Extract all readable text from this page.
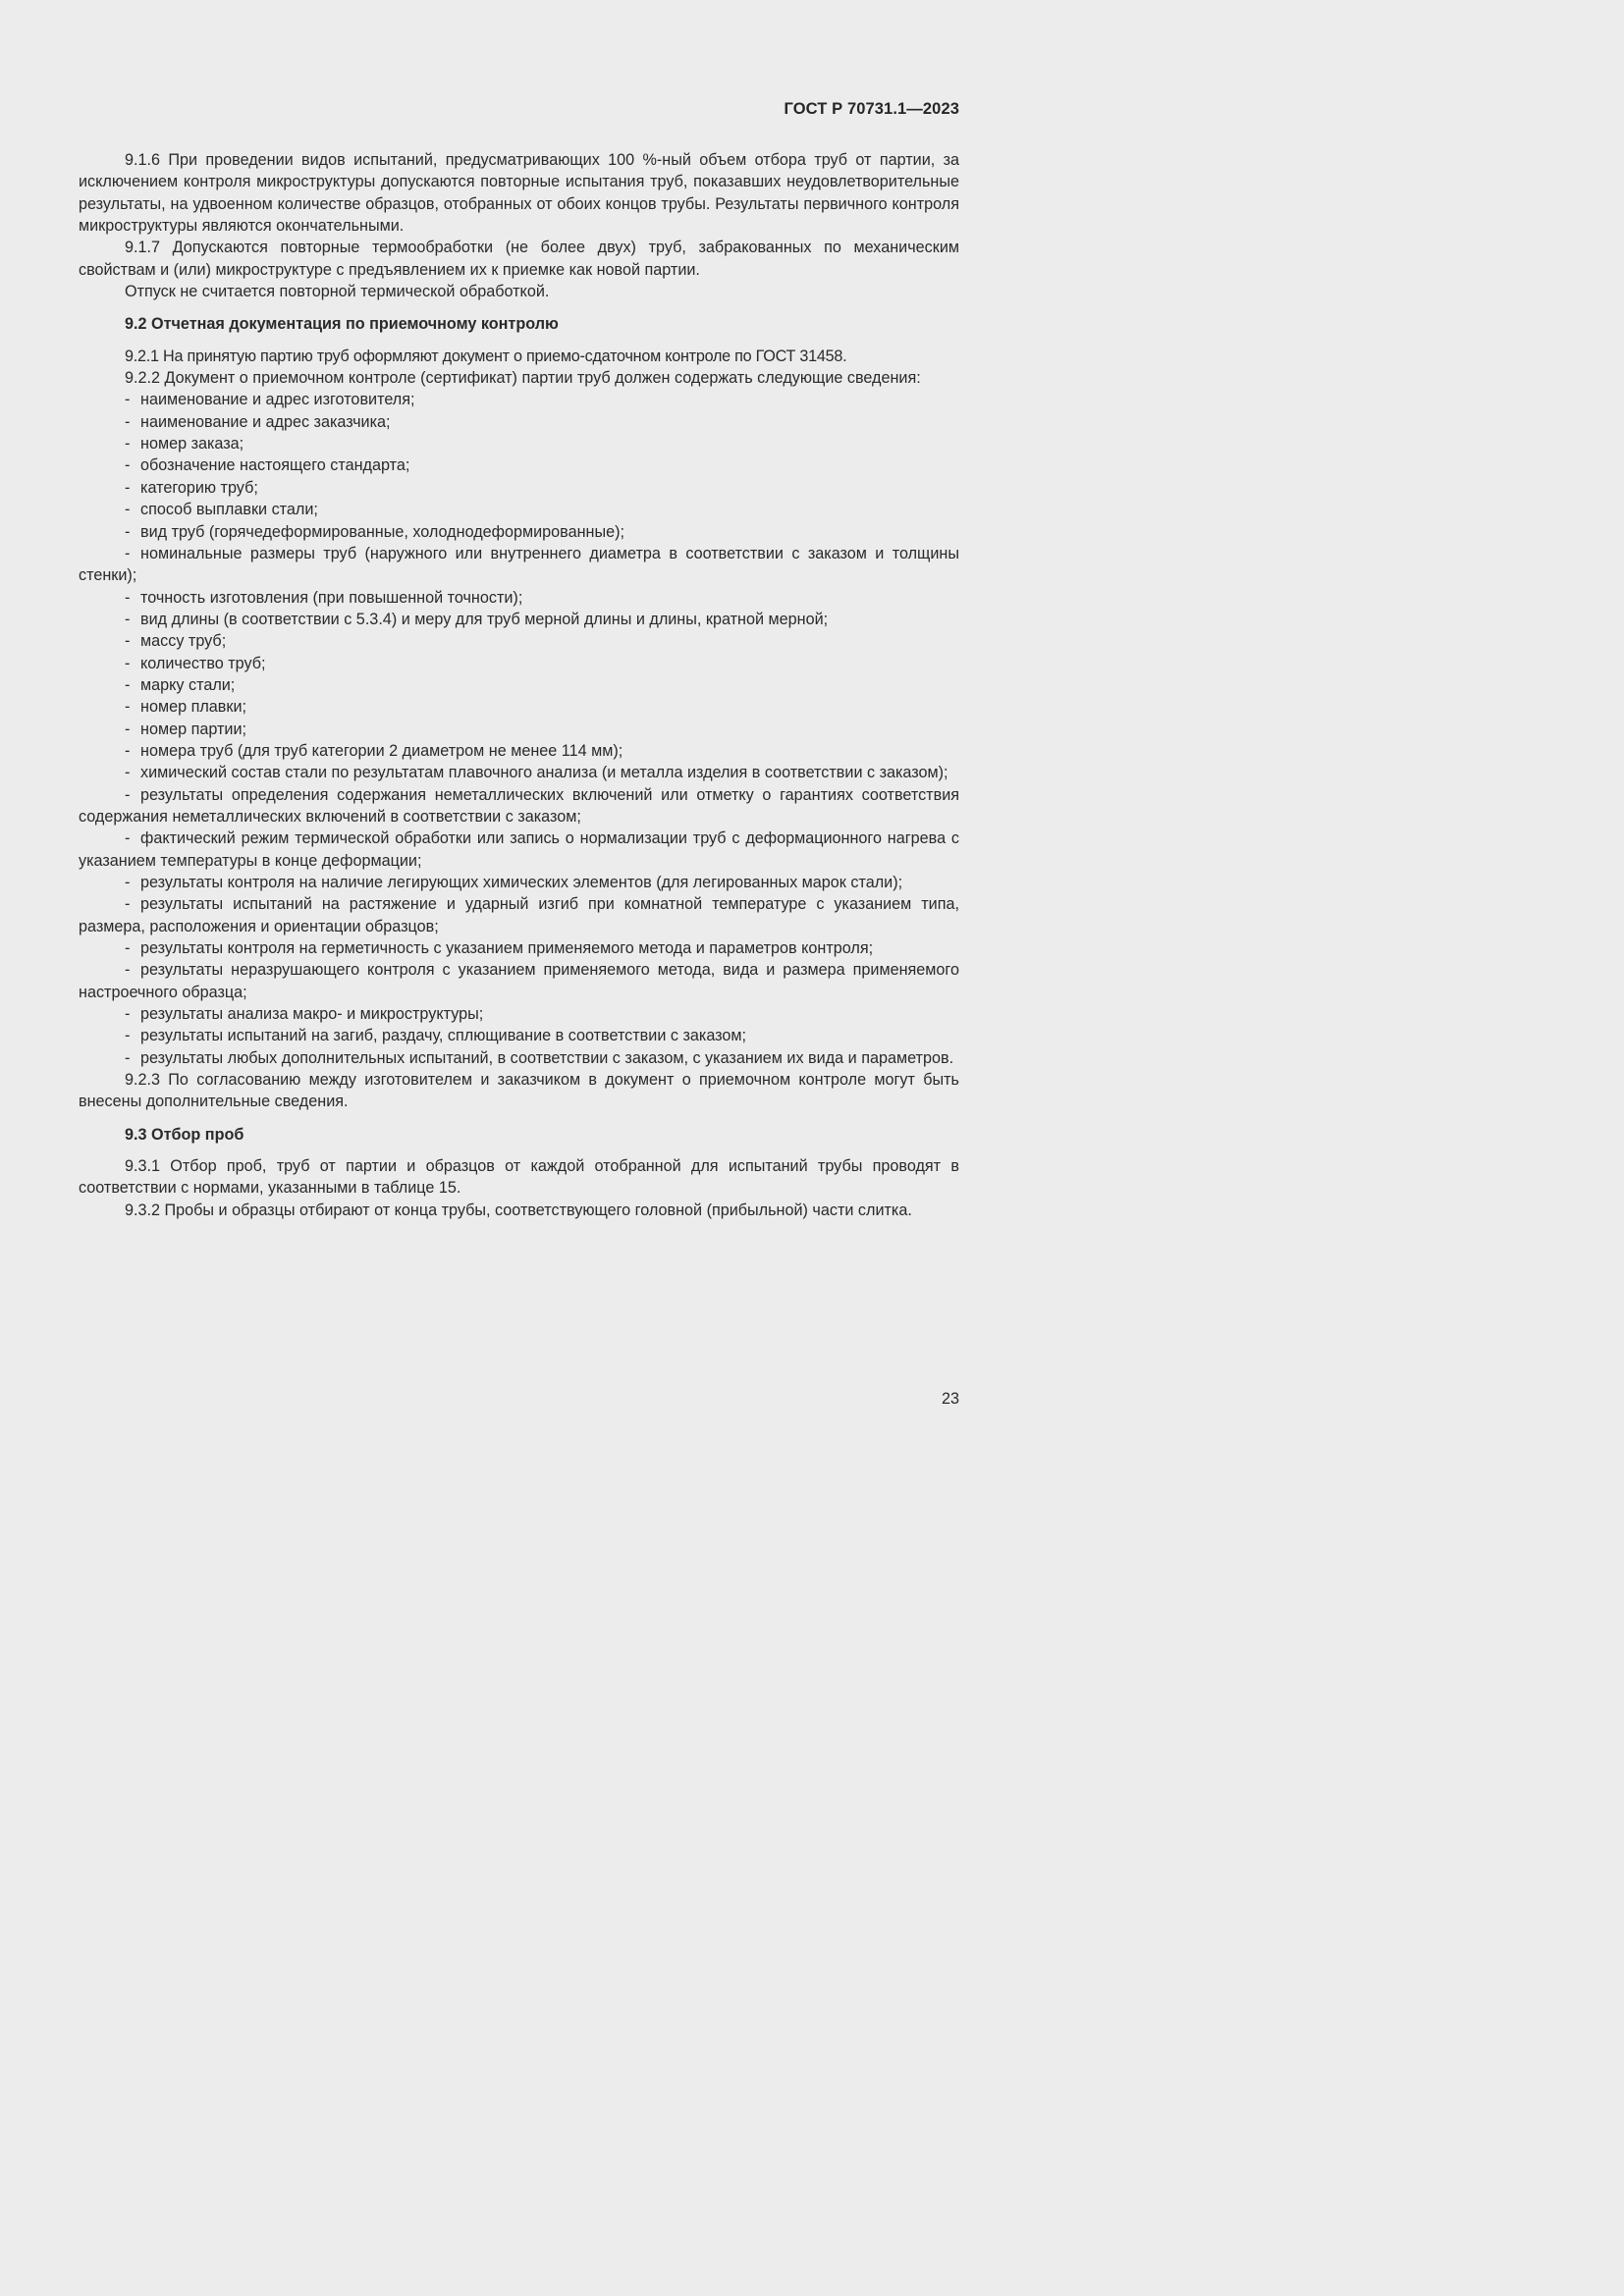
ГОСТ Р 70731.1—2023

9.1.6 При проведении видов испытаний, предусматривающих 100 %-ный объем отбора труб от партии, за исключением контроля микроструктуры допускаются повторные испытания труб, показавших неудовлетворительные результаты, на удвоенном количестве образцов, отобранных от обоих концов трубы. Результаты первичного контроля микроструктуры являются окончательными.

9.1.7 Допускаются повторные термообработки (не более двух) труб, забракованных по механическим свойствам и (или) микроструктуре с предъявлением их к приемке как новой партии.

Отпуск не считается повторной термической обработкой.

9.2 Отчетная документация по приемочному контролю

9.2.1 На принятую партию труб оформляют документ о приемо-сдаточном контроле по ГОСТ 31458.

9.2.2 Документ о приемочном контроле (сертификат) партии труб должен содержать следующие сведения:

- наименование и адрес изготовителя;
- наименование и адрес заказчика;
- номер заказа;
- обозначение настоящего стандарта;
- категорию труб;
- способ выплавки стали;
- вид труб (горячедеформированные, холоднодеформированные);
- номинальные размеры труб (наружного или внутреннего диаметра в соответствии с заказом и толщины стенки);
- точность изготовления (при повышенной точности);
- вид длины (в соответствии с 5.3.4) и меру для труб мерной длины и длины, кратной мерной;
- массу труб;
- количество труб;
- марку стали;
- номер плавки;
- номер партии;
- номера труб (для труб категории 2 диаметром не менее 114 мм);
- химический состав стали по результатам плавочного анализа (и металла изделия в соответствии с заказом);
- результаты определения содержания неметаллических включений или отметку о гарантиях соответствия содержания неметаллических включений в соответствии с заказом;
- фактический режим термической обработки или запись о нормализации труб с деформационного нагрева с указанием температуры в конце деформации;
- результаты контроля на наличие легирующих химических элементов (для легированных марок стали);
- результаты испытаний на растяжение и ударный изгиб при комнатной температуре с указанием типа, размера, расположения и ориентации образцов;
- результаты контроля на герметичность с указанием применяемого метода и параметров контроля;
- результаты неразрушающего контроля с указанием применяемого метода, вида и размера применяемого настроечного образца;
- результаты анализа макро- и микроструктуры;
- результаты испытаний на загиб, раздачу, сплющивание в соответствии с заказом;
- результаты любых дополнительных испытаний, в соответствии с заказом, с указанием их вида и параметров.

9.2.3 По согласованию между изготовителем и заказчиком в документ о приемочном контроле могут быть внесены дополнительные сведения.

9.3 Отбор проб

9.3.1 Отбор проб, труб от партии и образцов от каждой отобранной для испытаний трубы проводят в соответствии с нормами, указанными в таблице 15.

9.3.2 Пробы и образцы отбирают от конца трубы, соответствующего головной (прибыльной) части слитка.

23
